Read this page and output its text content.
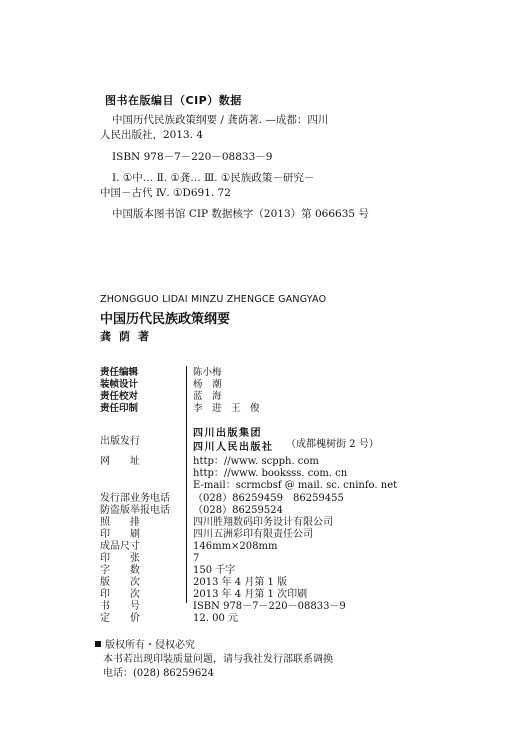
图书在版编目（CIP）数据
中国历代民族政策纲要 / 龚荫著. —成都：四川
人民出版社，2013. 4
ISBN 978－7－220－08833－9
Ⅰ. ①中… Ⅱ. ①龚… Ⅲ. ①民族政策－研究－
中国－古代 Ⅳ. ①D691. 72
中国版本图书馆 CIP 数据核字（2013）第 066635 号
ZHONGGUO LIDAI MINZU ZHENGCE GANGYAO
中国历代民族政策纲要
龚荫著
责任编辑	陈小梅
装帧设计	杨　潮
责任校对	蓝　海
责任印制	李　进　王　俊
出版发行
四川出版集团
四川人民出版社 （成都槐树街 2 号）
网　　址	http：//www. scpph. com
http：//www. booksss. com. cn
E-mail：scrmcbsf @ mail. sc. cninfo. net
发行部业务电话 （028）86259459　86259455
防盗版举报电话 （028）86259524
照　　排	四川胜翔数码印务设计有限公司
印　　刷	四川五洲彩印有限责任公司
成品尺寸	146mm×208mm
印　　张	7
字　　数	150 千字
版　　次	2013 年 4 月第 1 版
印　　次	2013 年 4 月第 1 次印刷
书　　号	ISBN 978－7－220－08833－9
定　　价	12. 00 元
版权所有・侵权必究
本书若出现印装质量问题，请与我社发行部联系调换
电话：(028) 86259624
